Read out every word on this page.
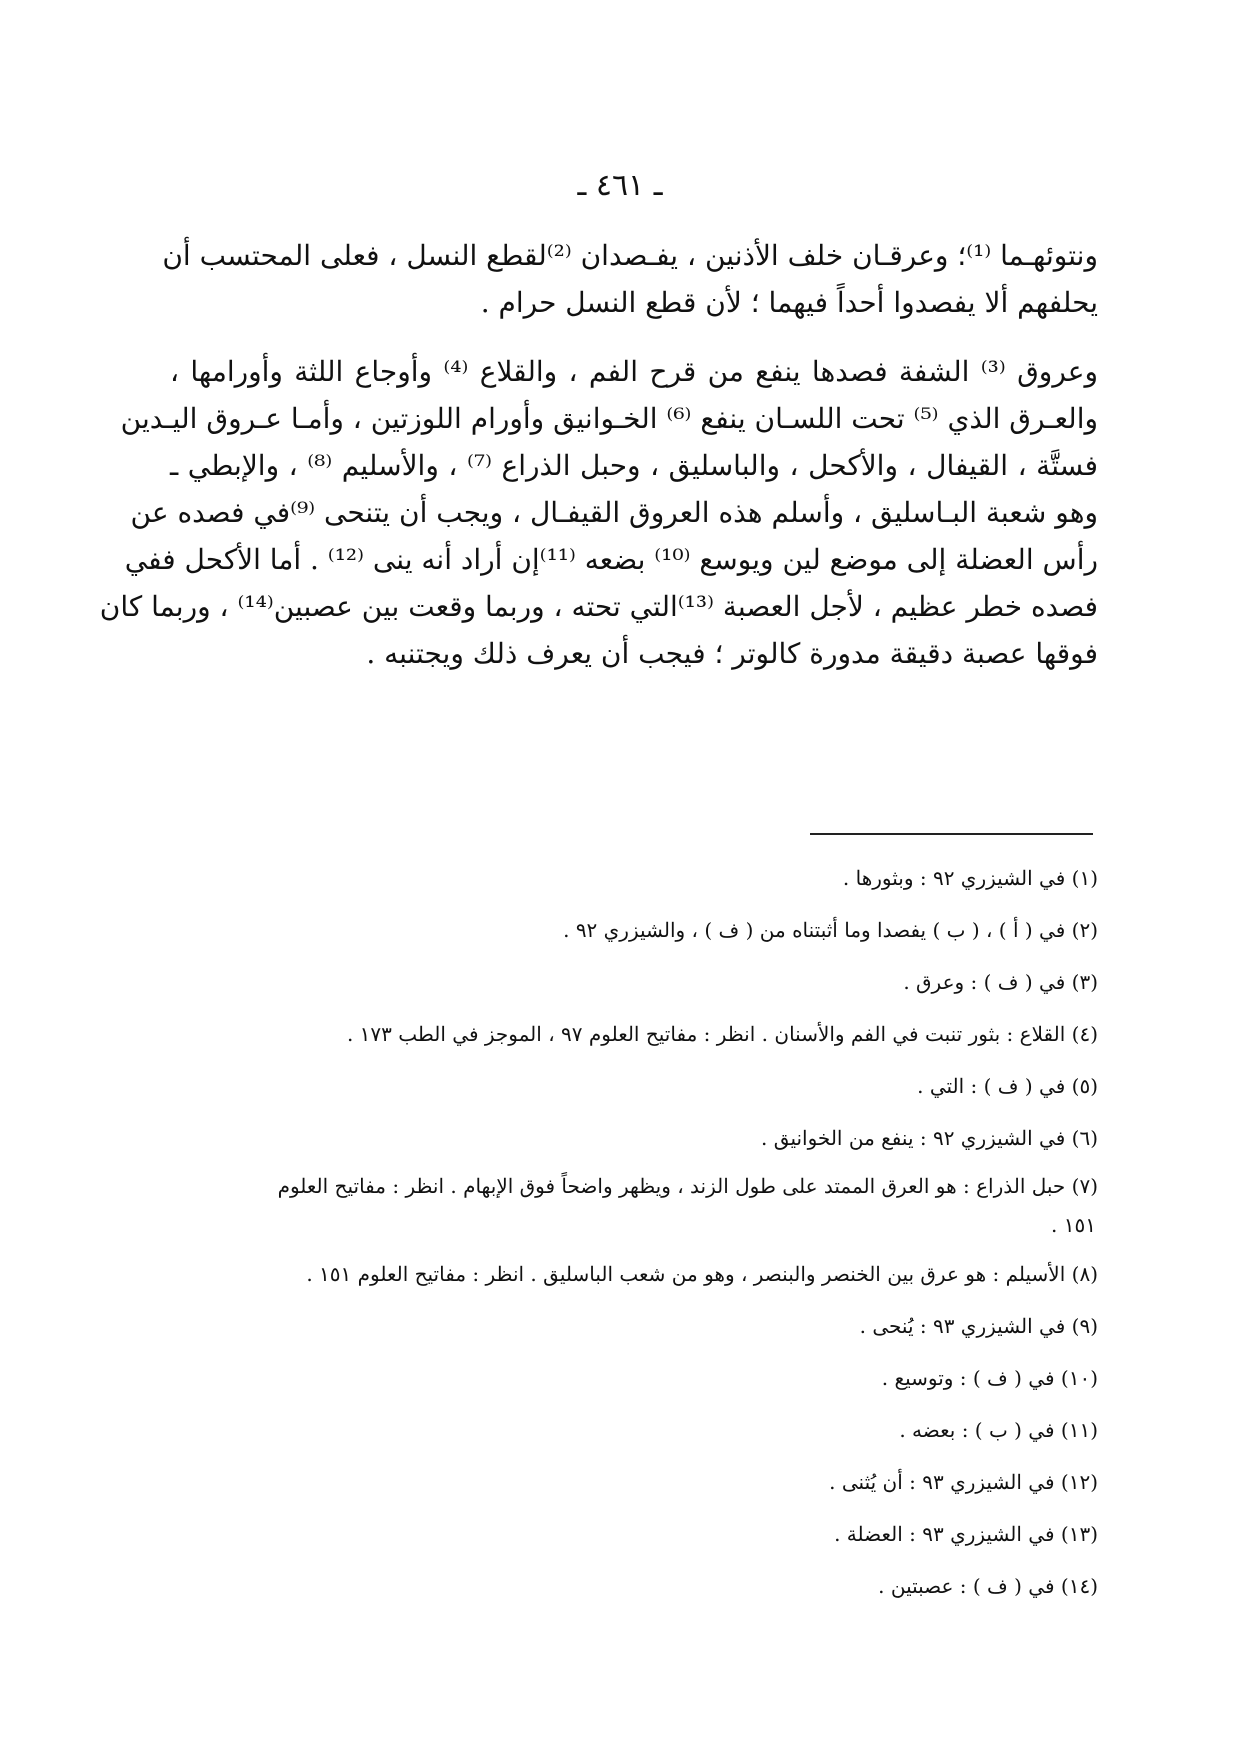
ـ ٤٦١ ـ
ونتوئهـما ⁽¹⁾؛ وعرقـان خلف الأذنين ، يفـصدان ⁽²⁾لقطع النسل ، فعلى المحتسب أن
يحلفهم ألا يفصدوا أحداً فيهما ؛ لأن قطع النسل حرام .
وعروق ⁽³⁾ الشفة فصدها ينفع من قرح الفم ، والقلاع ⁽⁴⁾ وأوجاع اللثة وأورامها ،
والعـرق الذي ⁽⁵⁾ تحت اللسـان ينفع ⁽⁶⁾ الخـوانيق وأورام اللوزتين ، وأمـا عـروق اليـدين
فستَّة ، القيفال ، والأكحل ، والباسليق ، وحبل الذراع ⁽⁷⁾ ، والأسليم ⁽⁸⁾ ، والإبطي ـ
وهو شعبة البـاسليق ، وأسلم هذه العروق القيفـال ، ويجب أن يتنحى ⁽⁹⁾في فصده عن
رأس العضلة إلى موضع لين ويوسع ⁽¹⁰⁾ بضعه ⁽¹¹⁾إن أراد أنه ينى ⁽¹²⁾ . أما الأكحل ففي
فصده خطر عظيم ، لأجل العصبة ⁽¹³⁾التي تحته ، وربما وقعت بين عصبين⁽¹⁴⁾ ، وربما كان
فوقها عصبة دقيقة مدورة كالوتر ؛ فيجب أن يعرف ذلك ويجتنبه .
(١) في الشيزري ٩٢ : وبثورها .
(٢) في ( أ ) ، ( ب ) يفصدا وما أثبتناه من ( ف ) ، والشيزري ٩٢ .
(٣) في ( ف ) : وعرق .
(٤) القلاع : بثور تنبت في الفم والأسنان . انظر : مفاتيح العلوم ٩٧ ، الموجز في الطب ١٧٣ .
(٥) في ( ف ) : التي .
(٦) في الشيزري ٩٢ : ينفع من الخوانيق .
(٧) حبل الذراع : هو العرق الممتد على طول الزند ، ويظهر واضحاً فوق الإبهام . انظر : مفاتيح العلوم
١٥١ .
(٨) الأسيلم : هو عرق بين الخنصر والبنصر ، وهو من شعب الباسليق . انظر : مفاتيح العلوم ١٥١ .
(٩) في الشيزري ٩٣ : يُنحى .
(١٠) في ( ف ) : وتوسيع .
(١١) في ( ب ) : بعضه .
(١٢) في الشيزري ٩٣ : أن يُثنى .
(١٣) في الشيزري ٩٣ : العضلة .
(١٤) في ( ف ) : عصبتين .
